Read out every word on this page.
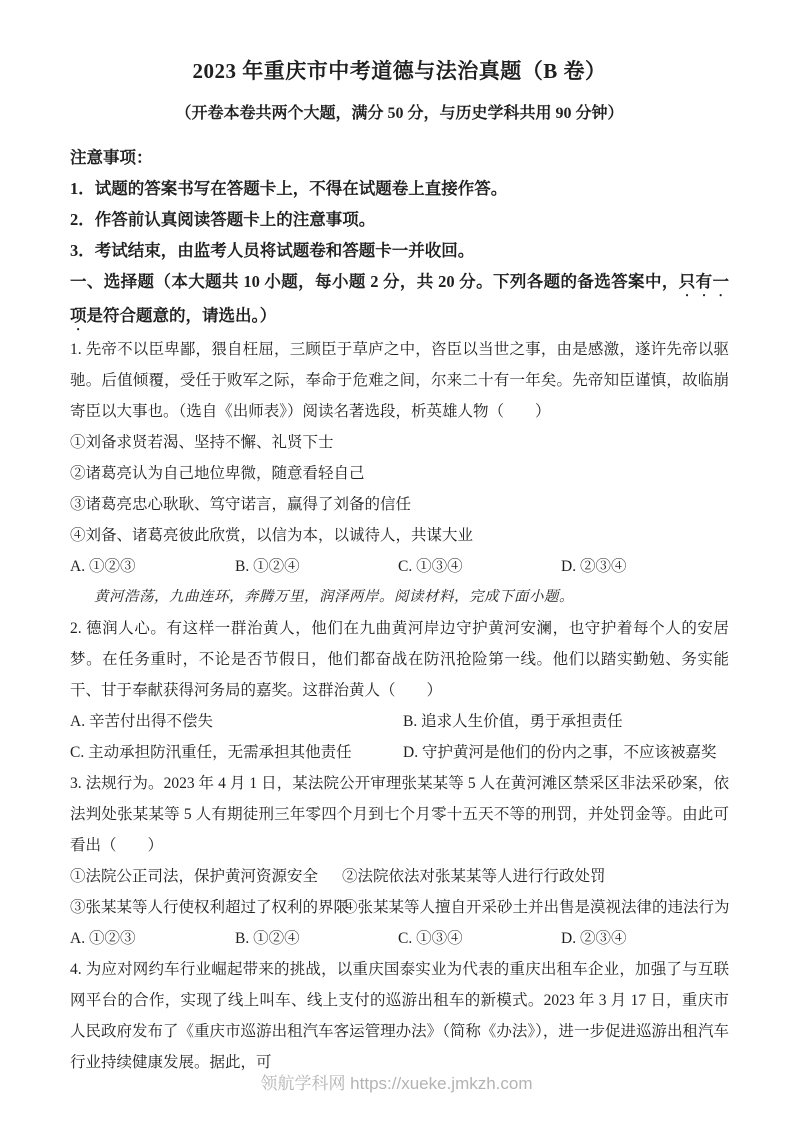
2023 年重庆市中考道德与法治真题（B 卷）
（开卷本卷共两个大题，满分 50 分，与历史学科共用 90 分钟）
注意事项：
1．试题的答案书写在答题卡上，不得在试题卷上直接作答。
2．作答前认真阅读答题卡上的注意事项。
3．考试结束，由监考人员将试题卷和答题卡一并收回。
一、选择题（本大题共 10 小题，每小题 2 分，共 20 分。下列各题的备选答案中，只有一项是符合题意的，请选出。）

1. 先帝不以臣卑鄙，猥自枉屈，三顾臣于草庐之中，咨臣以当世之事，由是感激，遂许先帝以驱驰。后值倾覆，受任于败军之际，奉命于危难之间，尔来二十有一年矣。先帝知臣谨慎，故临崩寄臣以大事也。（选自《出师表》）阅读名著选段，析英雄人物（　　）

①刘备求贤若渴、坚持不懈、礼贤下士
②诸葛亮认为自己地位卑微，随意看轻自己
③诸葛亮忠心耿耿、笃守诺言，赢得了刘备的信任
④刘备、诸葛亮彼此欣赏，以信为本，以诚待人，共谋大业
A. ①②③	B. ①②④	C. ①③④	D. ②③④
黄河浩荡，九曲连环，奔腾万里，润泽两岸。阅读材料，完成下面小题。

2. 德润人心。有这样一群治黄人，他们在九曲黄河岸边守护黄河安澜，也守护着每个人的安居梦。在任务重时，不论是否节假日，他们都奋战在防汛抢险第一线。他们以踏实勤勉、务实能干、甘于奉献获得河务局的嘉奖。这群治黄人（　　）

A. 辛苦付出得不偿失	B. 追求人生价值，勇于承担责任
C. 主动承担防汛重任，无需承担其他责任	D. 守护黄河是他们的份内之事，不应该被嘉奖

3. 法规行为。2023 年 4 月 1 日，某法院公开审理张某某等 5 人在黄河滩区禁采区非法采砂案，依法判处张某某等 5 人有期徒刑三年零四个月到七个月零十五天不等的刑罚，并处罚金等。由此可看出（　　）

①法院公正司法，保护黄河资源安全	②法院依法对张某某等人进行行政处罚
③张某某等人行使权利超过了权利的界限
④张某某等人擅自开采砂土并出售是漠视法律的违法行为
A. ①②③	B. ①②④	C. ①③④	D. ②③④

4. 为应对网约车行业崛起带来的挑战，以重庆国泰实业为代表的重庆出租车企业，加强了与互联网平台的合作，实现了线上叫车、线上支付的巡游出租车的新模式。2023 年 3 月 17 日，重庆市人民政府发布了《重庆市巡游出租汽车客运管理办法》（简称《办法》），进一步促进巡游出租汽车行业持续健康发展。据此，可

领航学科网 https://xueke.jmkzh.com
